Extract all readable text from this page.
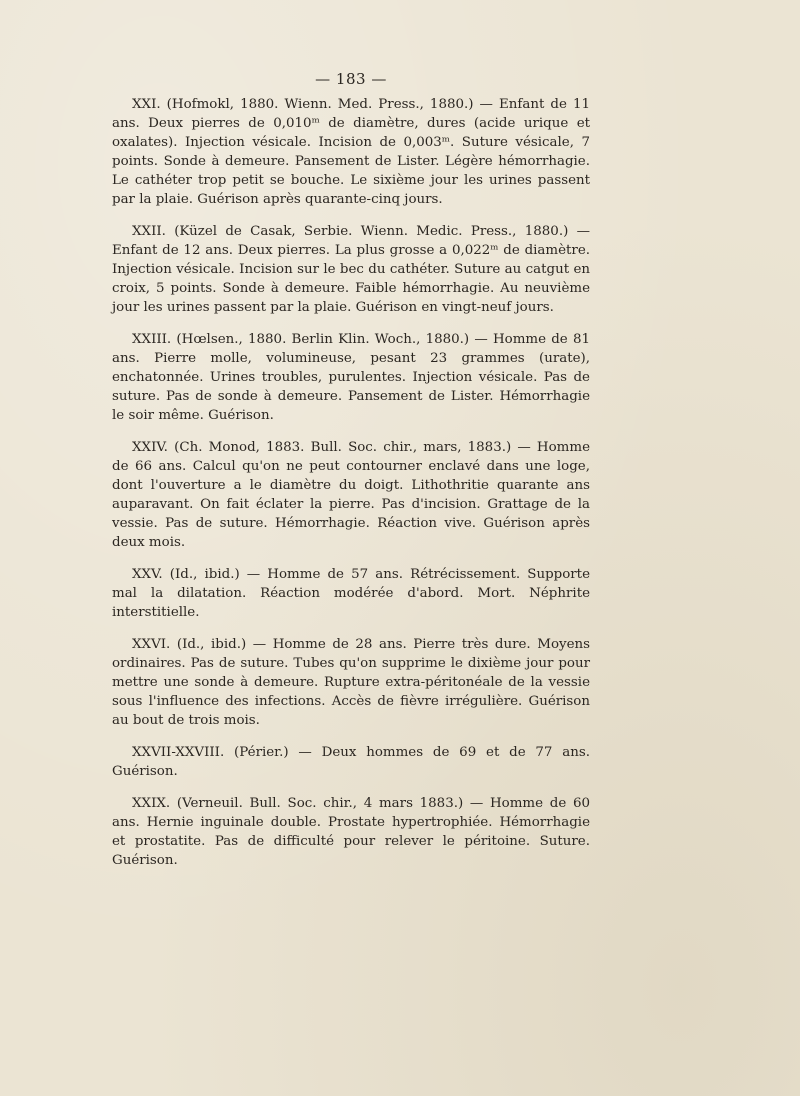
— 183 —

XXI. (Hofmokl, 1880. Wienn. Med. Press., 1880.) — Enfant de 11 ans. Deux pierres de 0,010ᵐ de diamètre, dures (acide urique et oxalates). Injection vésicale. Incision de 0,003ᵐ. Suture vésicale, 7 points. Sonde à demeure. Pansement de Lister. Légère hémorrhagie. Le cathéter trop petit se bouche. Le sixième jour les urines passent par la plaie. Guérison après quarante-cinq jours.

XXII. (Küzel de Casak, Serbie. Wienn. Medic. Press., 1880.) — Enfant de 12 ans. Deux pierres. La plus grosse a 0,022ᵐ de diamètre. Injection vésicale. Incision sur le bec du cathéter. Suture au catgut en croix, 5 points. Sonde à demeure. Faible hémorrhagie. Au neuvième jour les urines passent par la plaie. Guérison en vingt-neuf jours.

XXIII. (Hœlsen., 1880. Berlin Klin. Woch., 1880.) — Homme de 81 ans. Pierre molle, volumineuse, pesant 23 grammes (urate), enchatonnée. Urines troubles, purulentes. Injection vésicale. Pas de suture. Pas de sonde à demeure. Pansement de Lister. Hémorrhagie le soir même. Guérison.

XXIV. (Ch. Monod, 1883. Bull. Soc. chir., mars, 1883.) — Homme de 66 ans. Calcul qu'on ne peut contourner enclavé dans une loge, dont l'ouverture a le diamètre du doigt. Lithothritie quarante ans auparavant. On fait éclater la pierre. Pas d'incision. Grattage de la vessie. Pas de suture. Hémorrhagie. Réaction vive. Guérison après deux mois.

XXV. (Id., ibid.) — Homme de 57 ans. Rétrécissement. Supporte mal la dilatation. Réaction modérée d'abord. Mort. Néphrite interstitielle.

XXVI. (Id., ibid.) — Homme de 28 ans. Pierre très dure. Moyens ordinaires. Pas de suture. Tubes qu'on supprime le dixième jour pour mettre une sonde à demeure. Rupture extra-péritonéale de la vessie sous l'influence des infections. Accès de fièvre irrégulière. Guérison au bout de trois mois.

XXVII-XXVIII. (Périer.) — Deux hommes de 69 et de 77 ans. Guérison.

XXIX. (Verneuil. Bull. Soc. chir., 4 mars 1883.) — Homme de 60 ans. Hernie inguinale double. Prostate hypertrophiée. Hémorrhagie et prostatite. Pas de difficulté pour relever le péritoine. Suture. Guérison.
